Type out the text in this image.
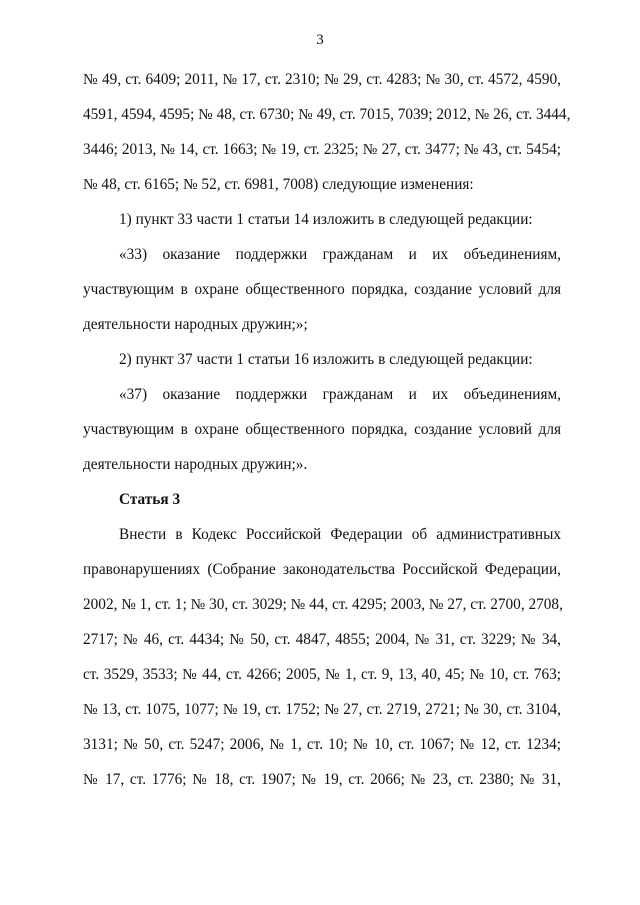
3
№ 49, ст. 6409; 2011, № 17, ст. 2310; № 29, ст. 4283; № 30, ст. 4572, 4590,
4591, 4594, 4595; № 48, ст. 6730; № 49, ст. 7015, 7039; 2012, № 26, ст. 3444,
3446; 2013, № 14, ст. 1663; № 19, ст. 2325; № 27, ст. 3477; № 43, ст. 5454;
№ 48, ст. 6165; № 52, ст. 6981, 7008) следующие изменения:
1) пункт 33 части 1 статьи 14 изложить в следующей редакции:
«33) оказание поддержки гражданам и их объединениям,
участвующим в охране общественного порядка, создание условий для
деятельности народных дружин;»;
2) пункт 37 части 1 статьи 16 изложить в следующей редакции:
«37) оказание поддержки гражданам и их объединениям,
участвующим в охране общественного порядка, создание условий для
деятельности народных дружин;».
Статья 3
Внести в Кодекс Российской Федерации об административных
правонарушениях (Собрание законодательства Российской Федерации,
2002, № 1, ст. 1; № 30, ст. 3029; № 44, ст. 4295; 2003, № 27, ст. 2700, 2708,
2717; № 46, ст. 4434; № 50, ст. 4847, 4855; 2004, № 31, ст. 3229; № 34,
ст. 3529, 3533; № 44, ст. 4266; 2005, № 1, ст. 9, 13, 40, 45; № 10, ст. 763;
№ 13, ст. 1075, 1077; № 19, ст. 1752; № 27, ст. 2719, 2721; № 30, ст. 3104,
3131; № 50, ст. 5247; 2006, № 1, ст. 10; № 10, ст. 1067; № 12, ст. 1234;
№ 17, ст. 1776; № 18, ст. 1907; № 19, ст. 2066; № 23, ст. 2380; № 31,
